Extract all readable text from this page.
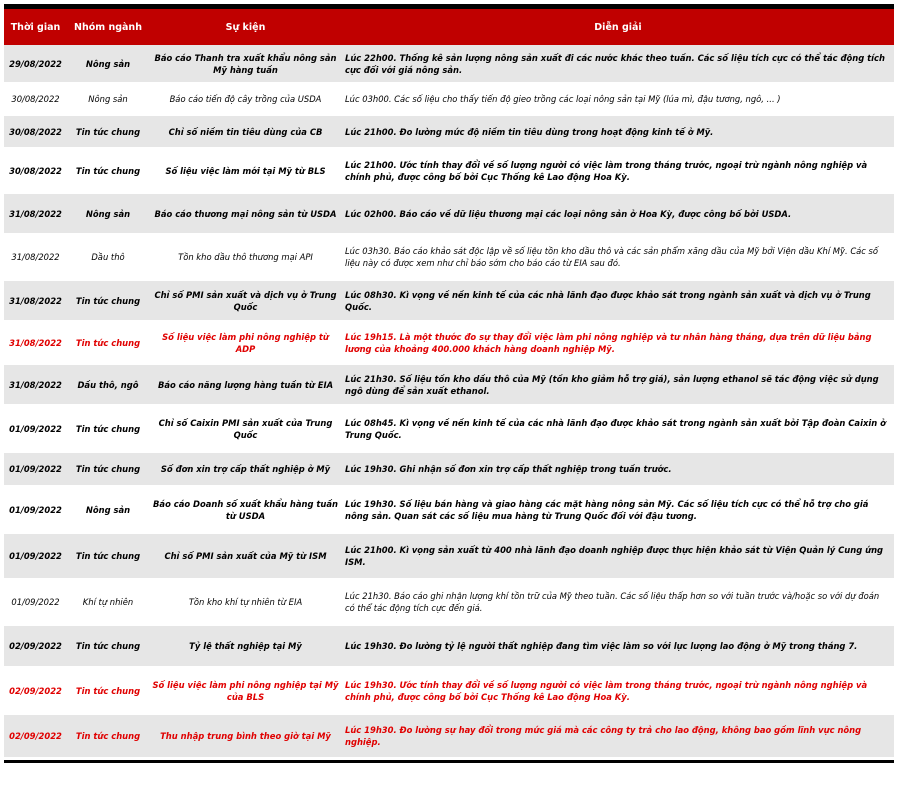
Thời gian	Nhóm ngành	Sự kiện	Diễn giải
29/08/2022	Nông sản	Báo cáo Thanh tra xuất khẩu nông sản Mỹ hàng tuần	Lúc 22h00. Thống kê sản lượng nông sản xuất đi các nước khác theo tuần. Các số liệu tích cực có thể tác động tích cực đối với giá nông sản.
30/08/2022	Nông sản	Báo cáo tiến độ cây trồng của USDA	Lúc 03h00. Các số liệu cho thấy tiến độ gieo trồng các loại nông sản tại Mỹ (lúa mì, đậu tương, ngô, ... )
30/08/2022	Tin tức chung	Chỉ số niềm tin tiêu dùng của CB	Lúc 21h00. Đo lường mức độ niềm tin tiêu dùng trong hoạt động kinh tế ở Mỹ.
30/08/2022	Tin tức chung	Số liệu việc làm mới tại Mỹ từ BLS	Lúc 21h00. Ước tính thay đổi về số lượng người có việc làm trong tháng trước, ngoại trừ ngành nông nghiệp và chính phủ, được công bố bởi Cục Thống kê Lao động Hoa Kỳ.
31/08/2022	Nông sản	Báo cáo thương mại nông sản từ USDA	Lúc 02h00. Báo cáo về dữ liệu thương mại các loại nông sản ở Hoa Kỳ, được công bố bởi USDA.
31/08/2022	Dầu thô	Tồn kho dầu thô thương mại API	Lúc 03h30. Báo cáo khảo sát độc lập về số liệu tồn kho dầu thô và các sản phẩm xăng dầu của Mỹ bởi Viện dầu Khí Mỹ. Các số liệu này có được xem như chỉ báo sớm cho báo cáo từ EIA sau đó.
31/08/2022	Tin tức chung	Chỉ số PMI sản xuất và dịch vụ ở Trung Quốc	Lúc 08h30. Kì vọng về nền kinh tế của các nhà lãnh đạo được khảo sát trong ngành sản xuất và dịch vụ ở Trung Quốc.
31/08/2022	Tin tức chung	Số liệu việc làm phi nông nghiệp từ ADP	Lúc 19h15. Là một thước đo sự thay đổi việc làm phi nông nghiệp và tư nhân hàng tháng, dựa trên dữ liệu bảng lương của khoảng 400.000 khách hàng doanh nghiệp Mỹ.
31/08/2022	Dầu thô, ngô	Báo cáo năng lượng hàng tuần từ EIA	Lúc 21h30. Số liệu tồn kho dầu thô của Mỹ (tồn kho giảm hỗ trợ giá), sản lượng ethanol sẽ tác động việc sử dụng ngô dùng để sản xuất ethanol.
01/09/2022	Tin tức chung	Chỉ số Caixin PMI sản xuất của Trung Quốc	Lúc 08h45. Kì vọng về nền kinh tế của các nhà lãnh đạo được khảo sát trong ngành sản xuất bởi Tập đoàn Caixin ở Trung Quốc.
01/09/2022	Tin tức chung	Số đơn xin trợ cấp thất nghiệp ở Mỹ	Lúc 19h30. Ghi nhận số đơn xin trợ cấp thất nghiệp trong tuần trước.
01/09/2022	Nông sản	Báo cáo Doanh số xuất khẩu hàng tuần từ USDA	Lúc 19h30. Số liệu bán hàng và giao hàng các mặt hàng nông sản Mỹ. Các số liệu tích cực có thể hỗ trợ cho giá nông sản. Quan sát các số liệu mua hàng từ Trung Quốc đối với đậu tương.
01/09/2022	Tin tức chung	Chỉ số PMI sản xuất của Mỹ từ ISM	Lúc 21h00. Kì vọng sản xuất từ 400 nhà lãnh đạo doanh nghiệp được thực hiện khảo sát từ Viện Quản lý Cung ứng ISM.
01/09/2022	Khí tự nhiên	Tồn kho khí tự nhiên từ EIA	Lúc 21h30. Báo cáo ghi nhận lượng khí tồn trữ của Mỹ theo tuần. Các số liệu thấp hơn so với tuần trước và/hoặc so với dự đoán có thể tác động tích cực đến giá.
02/09/2022	Tin tức chung	Tỷ lệ thất nghiệp tại Mỹ	Lúc 19h30. Đo lường tỷ lệ người thất nghiệp đang tìm việc làm so với lực lượng lao động ở Mỹ trong tháng 7.
02/09/2022	Tin tức chung	Số liệu việc làm phi nông nghiệp tại Mỹ của BLS	Lúc 19h30. Ước tính thay đổi về số lượng người có việc làm trong tháng trước, ngoại trừ ngành nông nghiệp và chính phủ, được công bố bởi Cục Thống kê Lao động Hoa Kỳ.
02/09/2022	Tin tức chung	Thu nhập trung bình theo giờ tại Mỹ	Lúc 19h30. Đo lường sự hay đổi trong mức giá mà các công ty trả cho lao động, không bao gồm lĩnh vực nông nghiệp.
